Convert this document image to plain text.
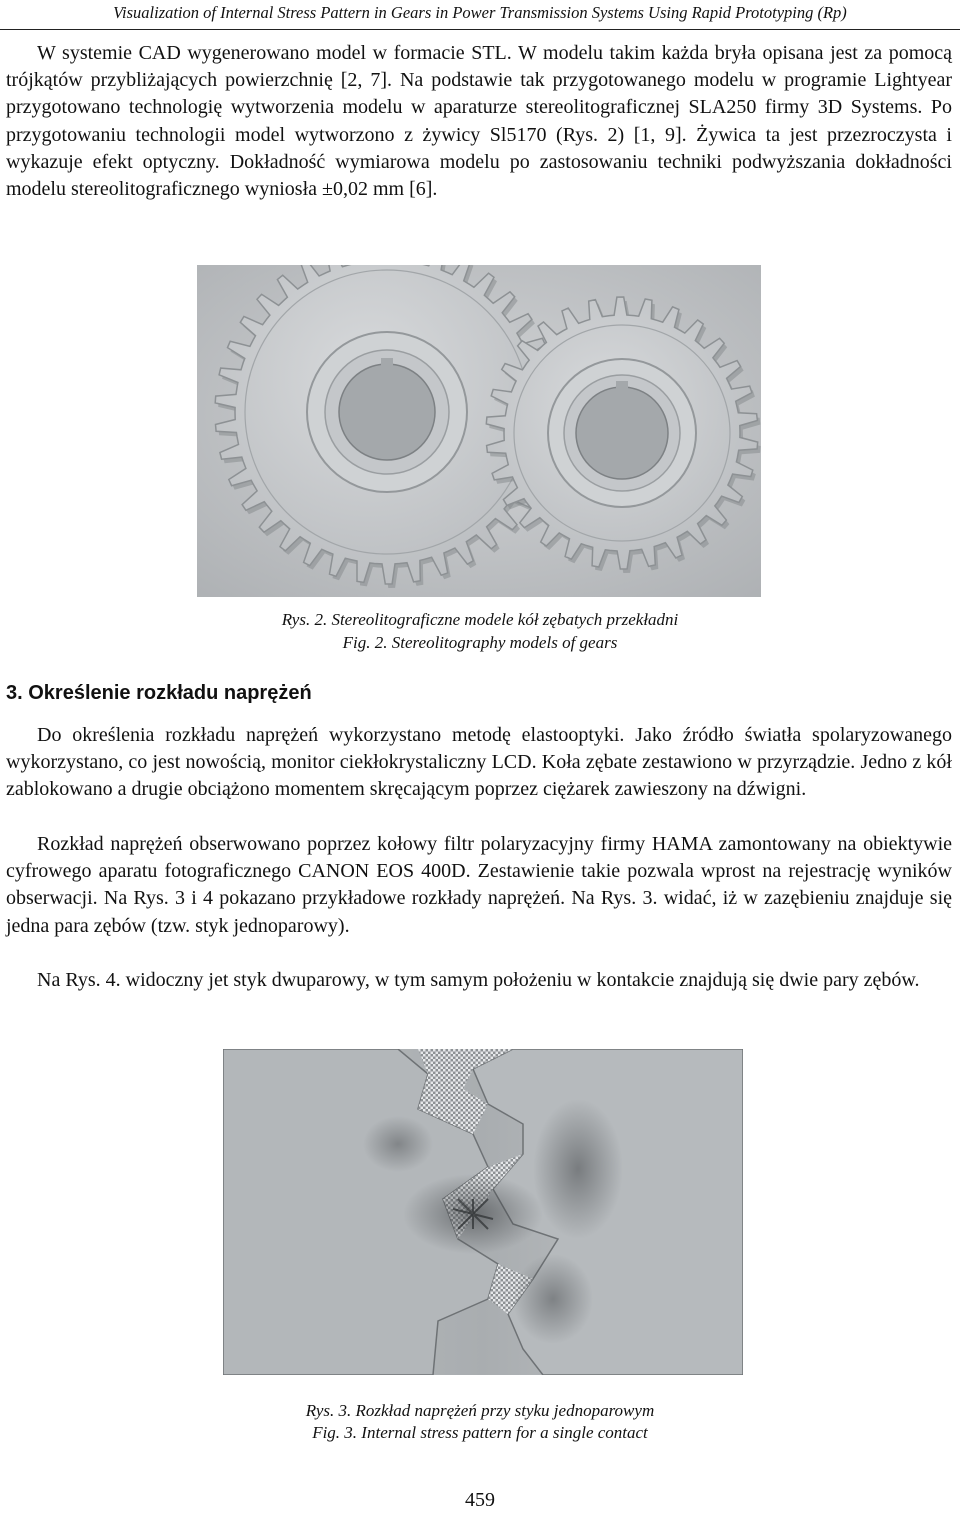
Visualization of Internal Stress Pattern in Gears in Power Transmission Systems Using Rapid Prototyping (Rp)

W systemie CAD wygenerowano model w formacie STL. W modelu takim każda bryła opisana jest za pomocą trójkątów przybliżających powierzchnię [2, 7]. Na podstawie tak przygotowanego modelu w programie Lightyear przygotowano technologię wytworzenia modelu w aparaturze stereolitograficznej SLA250 firmy 3D Systems. Po przygotowaniu technologii model wytworzono z żywicy Sl5170 (Rys. 2) [1, 9]. Żywica ta jest przezroczysta i wykazuje efekt optyczny. Dokładność wymiarowa modelu po zastosowaniu techniki podwyższania dokładności modelu stereolitograficznego wyniosła ±0,02 mm [6].

Rys. 2. Stereolitograficzne modele kół zębatych przekładni
Fig. 2. Stereolitography models of gears
3. Określenie rozkładu naprężeń

Do określenia rozkładu naprężeń wykorzystano metodę elastooptyki. Jako źródło światła spolaryzowanego wykorzystano, co jest nowością, monitor ciekłokrystaliczny LCD. Koła zębate zestawiono w przyrządzie. Jedno z kół zablokowano a drugie obciążono momentem skręcającym poprzez ciężarek zawieszony na dźwigni.

Rozkład naprężeń obserwowano poprzez kołowy filtr polaryzacyjny firmy HAMA zamontowany na obiektywie cyfrowego aparatu fotograficznego CANON EOS 400D. Zestawienie takie pozwala wprost na rejestrację wyników obserwacji. Na Rys. 3 i 4 pokazano przykładowe rozkłady naprężeń. Na Rys. 3. widać, iż w zazębieniu znajduje się jedna para zębów (tzw. styk jednoparowy).

Na Rys. 4. widoczny jet styk dwuparowy, w tym samym położeniu w kontakcie znajdują się dwie pary zębów.

Rys. 3. Rozkład naprężeń przy styku jednoparowym
Fig. 3. Internal stress pattern for a single contact
459
